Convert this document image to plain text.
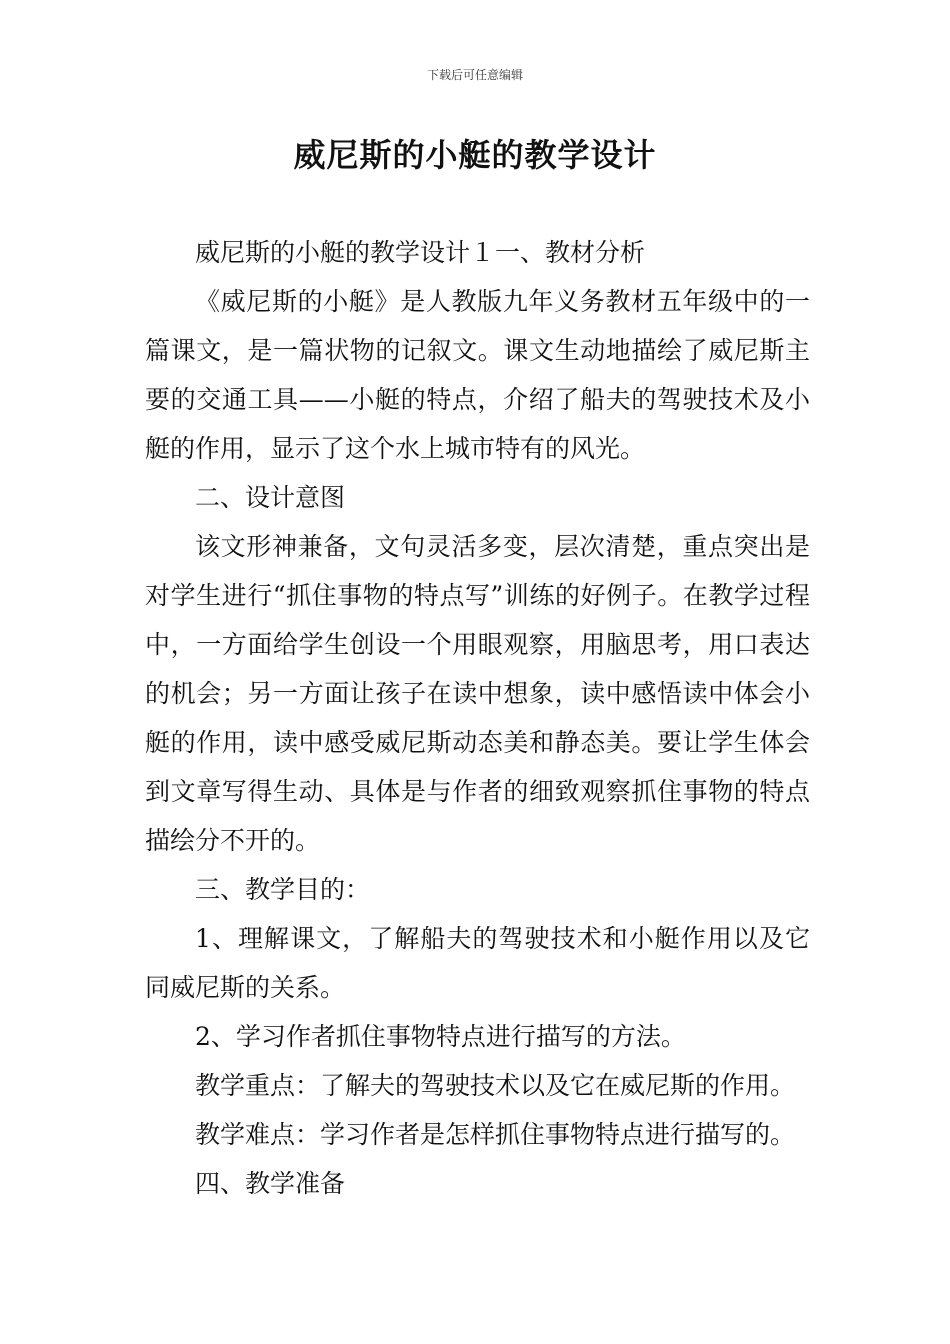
下载后可任意编辑
威尼斯的小艇的教学设计

威尼斯的小艇的教学设计１一、教材分析

《威尼斯的小艇》是人教版九年义务教材五年级中的一篇课文，是一篇状物的记叙文。课文生动地描绘了威尼斯主要的交通工具——小艇的特点，介绍了船夫的驾驶技术及小艇的作用，显示了这个水上城市特有的风光。

二、设计意图

该文形神兼备，文句灵活多变，层次清楚，重点突出是对学生进行“抓住事物的特点写”训练的好例子。在教学过程中，一方面给学生创设一个用眼观察，用脑思考，用口表达的机会；另一方面让孩子在读中想象，读中感悟读中体会小艇的作用，读中感受威尼斯动态美和静态美。要让学生体会到文章写得生动、具体是与作者的细致观察抓住事物的特点描绘分不开的。

三、教学目的：

1、理解课文，了解船夫的驾驶技术和小艇作用以及它同威尼斯的关系。

2、学习作者抓住事物特点进行描写的方法。

教学重点：了解夫的驾驶技术以及它在威尼斯的作用。

教学难点：学习作者是怎样抓住事物特点进行描写的。

四、教学准备
